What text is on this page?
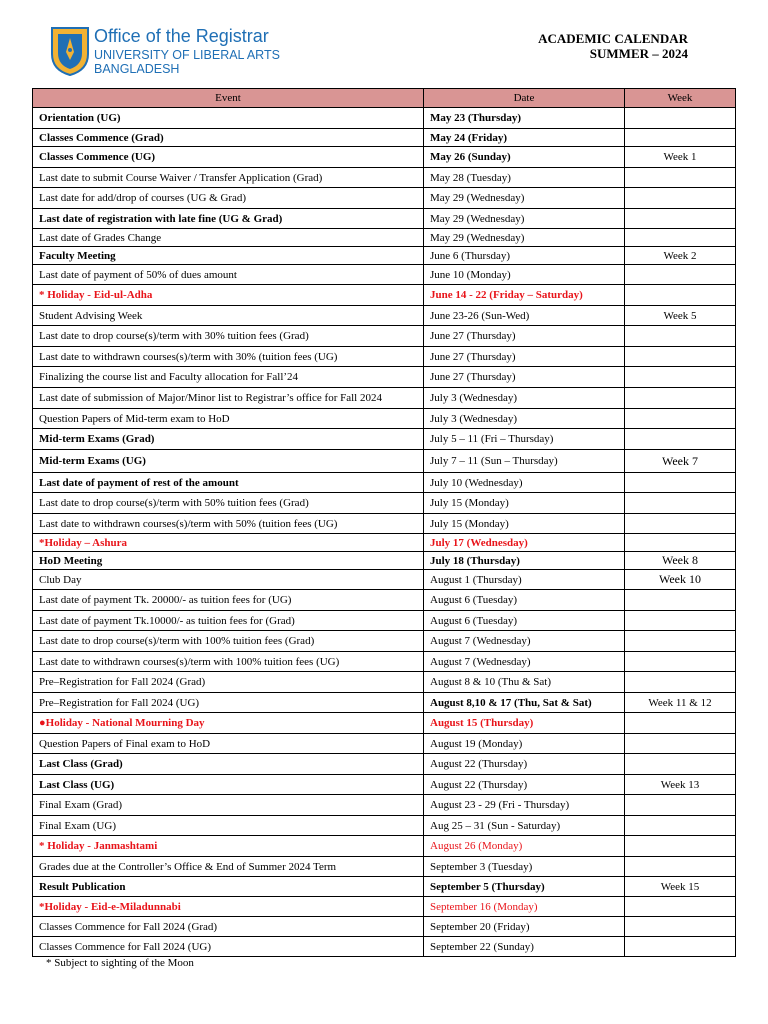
Office of the Registrar
UNIVERSITY OF LIBERAL ARTS
BANGLADESH
ACADEMIC CALENDAR
SUMMER – 2024
Event	Date	Week
Orientation (UG)	May 23 (Thursday)	
Classes Commence (Grad)	May 24 (Friday)	
Classes Commence (UG)	May 26 (Sunday)	Week 1
Last date to submit Course Waiver / Transfer Application (Grad)	May 28 (Tuesday)	
Last date for add/drop of courses (UG & Grad)	May 29 (Wednesday)	
Last date of registration with late fine (UG & Grad)	May 29 (Wednesday)	
Last date of Grades Change	May 29 (Wednesday)	
Faculty Meeting	June 6 (Thursday)	Week 2
Last date of payment of 50% of dues amount	June 10 (Monday)	
* Holiday - Eid-ul-Adha	June 14 - 22 (Friday – Saturday)	
Student Advising Week	June 23-26 (Sun-Wed)	Week 5
Last date to drop course(s)/term with 30% tuition fees (Grad)	June 27 (Thursday)	
Last date to withdrawn courses(s)/term with 30% (tuition fees (UG)	June 27 (Thursday)	
Finalizing the course list and Faculty allocation for Fall’24	June 27 (Thursday)	
Last date of submission of Major/Minor list to Registrar’s office for Fall 2024	July 3 (Wednesday)	
Question Papers of Mid-term exam to HoD	July 3 (Wednesday)	
Mid-term Exams (Grad)	July 5 – 11 (Fri – Thursday)	
Mid-term Exams (UG)	July 7 – 11 (Sun – Thursday)	Week 7
Last date of payment of rest of the amount	July 10 (Wednesday)	
Last date to drop course(s)/term with 50% tuition fees (Grad)	July 15 (Monday)	
Last date to withdrawn courses(s)/term with 50% (tuition fees (UG)	July 15 (Monday)	
*Holiday – Ashura	July 17 (Wednesday)	
HoD Meeting	July 18 (Thursday)	Week 8
Club Day	August 1 (Thursday)	Week 10
Last date of payment Tk. 20000/- as tuition fees for (UG)	August 6 (Tuesday)	
Last date of payment Tk.10000/- as tuition fees for (Grad)	August 6 (Tuesday)	
Last date to drop course(s)/term with 100% tuition fees (Grad)	August 7 (Wednesday)	
Last date to withdrawn courses(s)/term with 100% tuition fees (UG)	August 7 (Wednesday)	
Pre–Registration for Fall 2024 (Grad)	August 8 & 10 (Thu & Sat)	
Pre–Registration for Fall 2024 (UG)	August 8,10 & 17 (Thu, Sat & Sat)	Week 11 & 12
●Holiday - National Mourning Day	August 15 (Thursday)	
Question Papers of Final exam to HoD	August 19 (Monday)	
Last Class (Grad)	August 22 (Thursday)	
Last Class (UG)	August 22 (Thursday)	Week 13
Final Exam (Grad)	August 23 - 29 (Fri - Thursday)	
Final Exam (UG)	Aug 25 – 31 (Sun - Saturday)	
* Holiday - Janmashtami	August 26 (Monday)	
Grades due at the Controller’s Office & End of Summer 2024 Term	September 3 (Tuesday)	
Result Publication	September 5 (Thursday)	Week 15
*Holiday - Eid-e-Miladunnabi	September 16 (Monday)	
Classes Commence for Fall 2024 (Grad)	September 20 (Friday)	
Classes Commence for Fall 2024 (UG)	September 22 (Sunday)	
* Subject to sighting of the Moon
